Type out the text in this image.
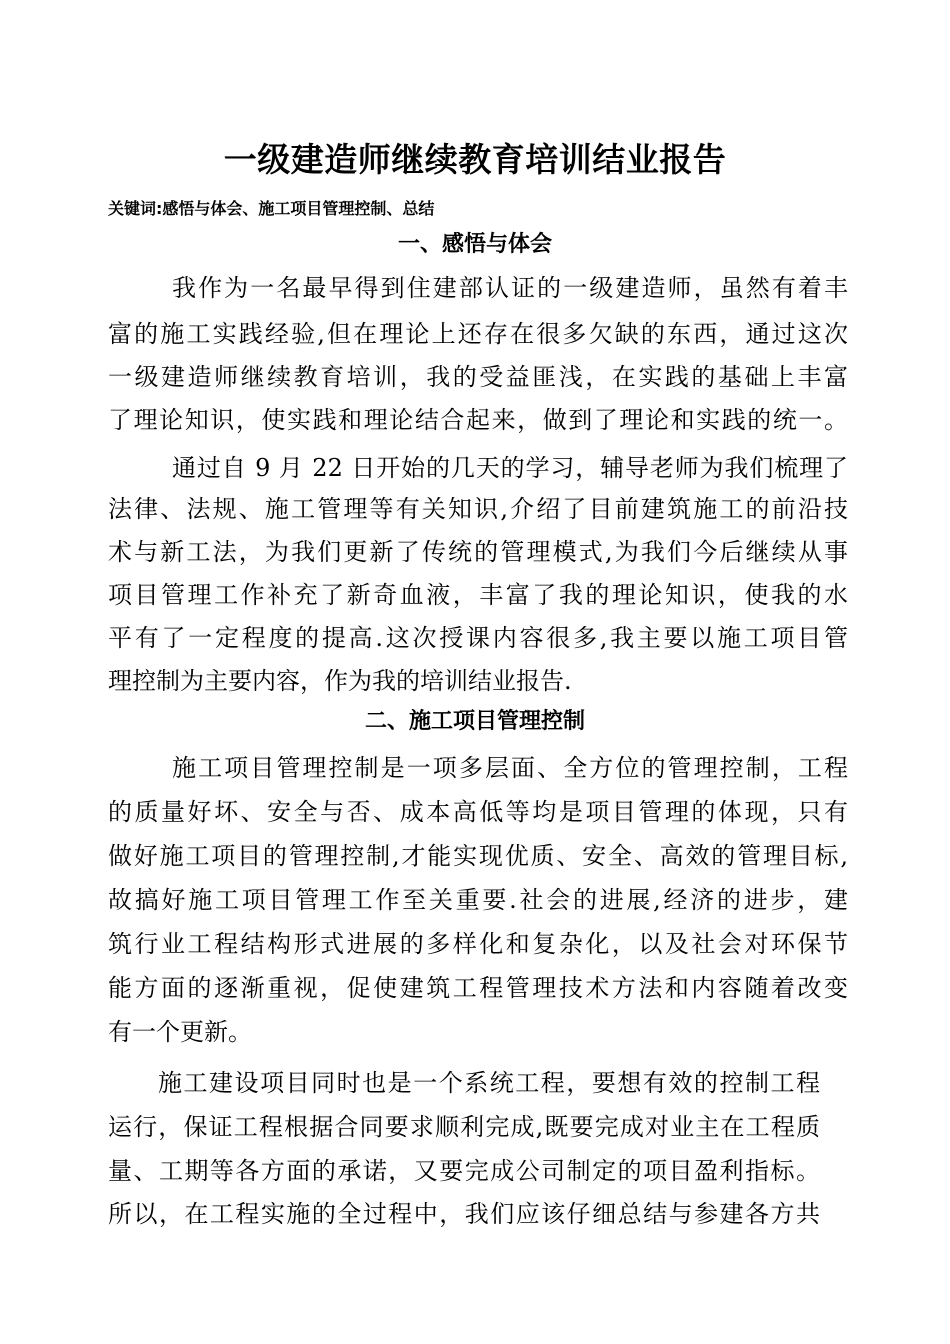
一级建造师继续教育培训结业报告
关键词:感悟与体会、施工项目管理控制、总结
一、感悟与体会
我作为一名最早得到住建部认证的一级建造师，虽然有着丰
富的施工实践经验,但在理论上还存在很多欠缺的东西，通过这次
一级建造师继续教育培训，我的受益匪浅，在实践的基础上丰富
了理论知识，使实践和理论结合起来，做到了理论和实践的统一。
通过自 9 月 22 日开始的几天的学习，辅导老师为我们梳理了
法律、法规、施工管理等有关知识,介绍了目前建筑施工的前沿技
术与新工法，为我们更新了传统的管理模式,为我们今后继续从事
项目管理工作补充了新奇血液，丰富了我的理论知识，使我的水
平有了一定程度的提高.这次授课内容很多,我主要以施工项目管
理控制为主要内容，作为我的培训结业报告.
二、施工项目管理控制
施工项目管理控制是一项多层面、全方位的管理控制，工程
的质量好坏、安全与否、成本高低等均是项目管理的体现，只有
做好施工项目的管理控制,才能实现优质、安全、高效的管理目标,
故搞好施工项目管理工作至关重要.社会的进展,经济的进步，建
筑行业工程结构形式进展的多样化和复杂化，以及社会对环保节
能方面的逐渐重视，促使建筑工程管理技术方法和内容随着改变
有一个更新。
施工建设项目同时也是一个系统工程，要想有效的控制工程
运行，保证工程根据合同要求顺利完成,既要完成对业主在工程质
量、工期等各方面的承诺，又要完成公司制定的项目盈利指标。
所以，在工程实施的全过程中，我们应该仔细总结与参建各方共
